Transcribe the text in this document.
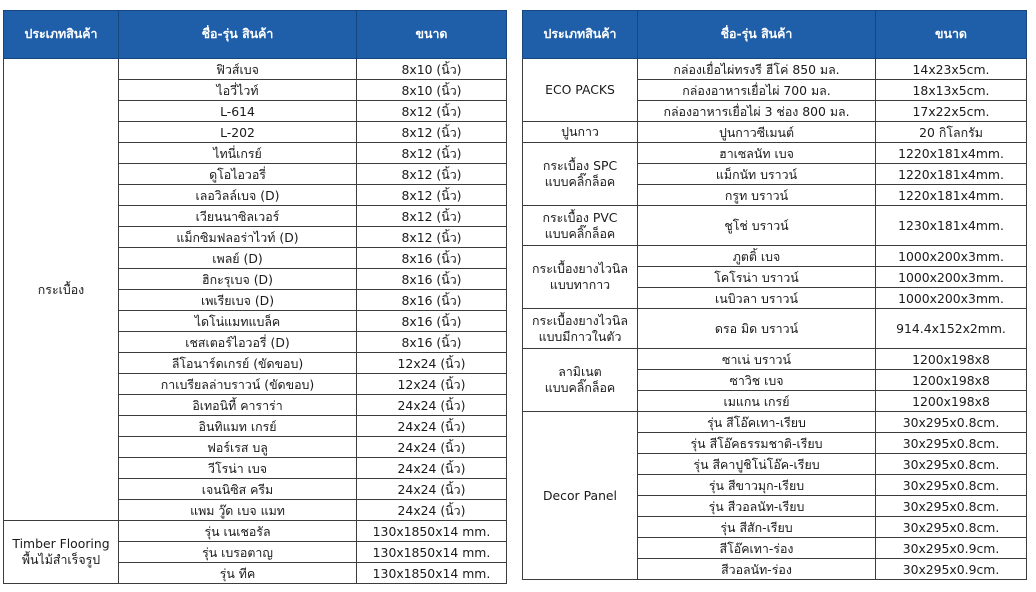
ประเภทสินค้า	ชื่อ-รุ่น สินค้า	ขนาด
กระเบื้อง	ฟิวส์เบจ	8x10 (นิ้ว)
	ไอวี่ไวท์	8x10 (นิ้ว)
	L-614	8x12 (นิ้ว)
	L-202	8x12 (นิ้ว)
	ไทนี่เกรย์	8x12 (นิ้ว)
	ดูโอไอวอรี่	8x12 (นิ้ว)
	เลอวิลล์เบจ (D)	8x12 (นิ้ว)
	เวียนนาซิลเวอร์	8x12 (นิ้ว)
	แม็กซิมฟลอร่าไวท์ (D)	8x12 (นิ้ว)
	เพลย์ (D)	8x16 (นิ้ว)
	ฮิกะรุเบจ (D)	8x16 (นิ้ว)
	เพเรียเบจ (D)	8x16 (นิ้ว)
	ไดโน่แมทแบล็ค	8x16 (นิ้ว)
	เชสเตอร์ไอวอรี่ (D)	8x16 (นิ้ว)
	ลีโอนาร์ดเกรย์ (ขัดขอบ)	12x24 (นิ้ว)
	กาเบรียลล่าบราวน์ (ขัดขอบ)	12x24 (นิ้ว)
	อิเทอนิที้ คาราร่า	24x24 (นิ้ว)
	อินทิแมท เกรย์	24x24 (นิ้ว)
	ฟอร์เรส บลู	24x24 (นิ้ว)
	วีโรน่า เบจ	24x24 (นิ้ว)
	เจนนิซิส ครีม	24x24 (นิ้ว)
	แพม วู๊ด เบจ แมท	24x24 (นิ้ว)
Timber Flooring
พื้นไม้สำเร็จรูป	รุ่น เนเชอรัล	130x1850x14 mm.
	รุ่น เบรอตาญ	130x1850x14 mm.
	รุ่น ทีค	130x1850x14 mm.
ประเภทสินค้า	ชื่อ-รุ่น สินค้า	ขนาด
ECO PACKS	กล่องเยื่อไผ่ทรงรี ฮีโค่ 850 มล.	14x23x5cm.
	กล่องอาหารเยื่อไผ่ 700 มล.	18x13x5cm.
	กล่องอาหารเยื่อไผ่ 3 ช่อง 800 มล.	17x22x5cm.
ปูนกาว	ปูนกาวซีเมนต์	20 กิโลกรัม
กระเบื้อง SPC
แบบคลิ๊กล็อค	ฮาเซลนัท เบจ	1220x181x4mm.
	แม็กนัท บราวน์	1220x181x4mm.
	กรูท บราวน์	1220x181x4mm.
กระเบื้อง PVC
แบบคลิ๊กล็อค	ชูโช่ บราวน์	1230x181x4mm.
กระเบื้องยางไวนิล
แบบทากาว	ภูตติ้ เบจ	1000x200x3mm.
	โคโรน่า บราวน์	1000x200x3mm.
	เนบิวลา บราวน์	1000x200x3mm.
กระเบื้องยางไวนิล
แบบมีกาวในตัว	ดรอ มิด บราวน์	914.4x152x2mm.
ลามิเนต
แบบคลิ๊กล็อค	ซาเน่ บราวน์	1200x198x8
	ซาวิช เบจ	1200x198x8
	เมแกน เกรย์	1200x198x8
Decor Panel	รุ่น สีโอ๊คเทา-เรียบ	30x295x0.8cm.
	รุ่น สีโอ๊คธรรมชาติ-เรียบ	30x295x0.8cm.
	รุ่น สีคาปูชิโน่โอ๊ค-เรียบ	30x295x0.8cm.
	รุ่น สีขาวมุก-เรียบ	30x295x0.8cm.
	รุ่น สีวอลนัท-เรียบ	30x295x0.8cm.
	รุ่น สีสัก-เรียบ	30x295x0.8cm.
	สีโอ๊คเทา-ร่อง	30x295x0.9cm.
	สีวอลนัท-ร่อง	30x295x0.9cm.
